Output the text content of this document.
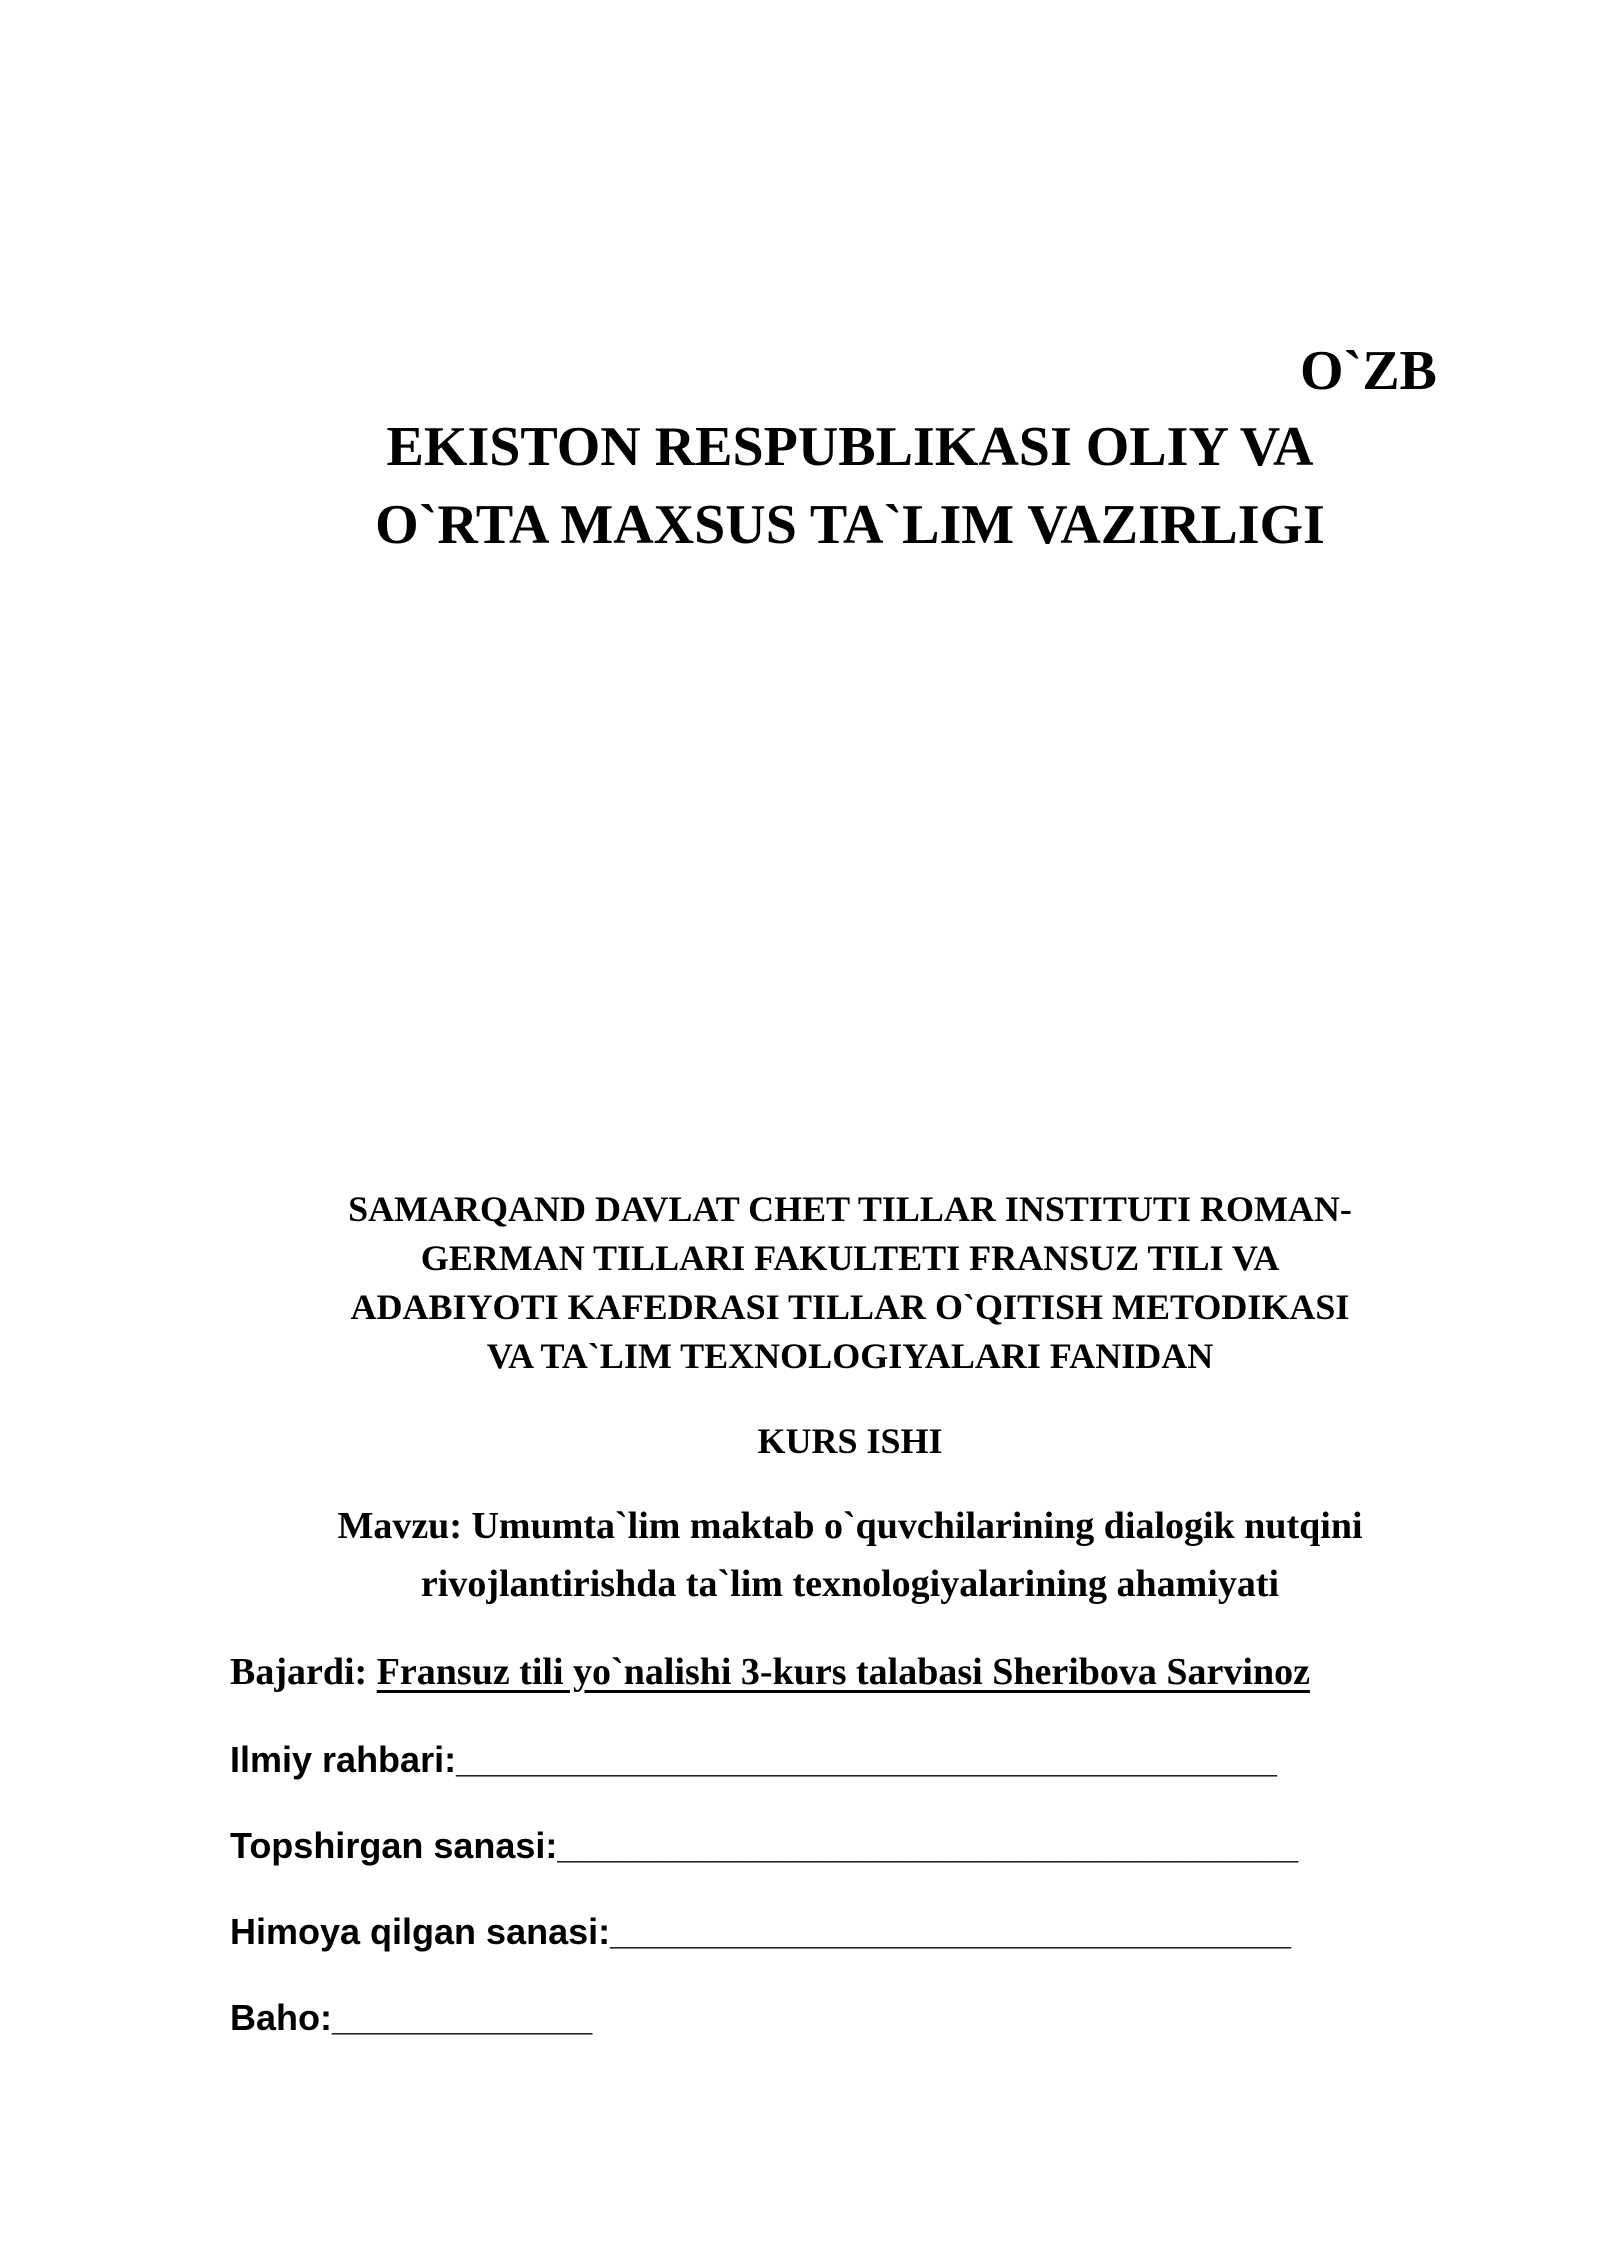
O`ZB
EKISTON RESPUBLIKASI OLIY VA
O`RTA MAXSUS TA`LIM VAZIRLIGI
SAMARQAND DAVLAT CHET TILLAR INSTITUTI ROMAN-
GERMAN TILLARI FAKULTETI FRANSUZ TILI VA
ADABIYOTI KAFEDRASI TILLAR O`QITISH METODIKASI
VA TA`LIM TEXNOLOGIYALARI FANIDAN
KURS ISHI
Mavzu: Umumta`lim maktab o`quvchilarining dialogik nutqini
rivojlantirishda ta`lim texnologiyalarining ahamiyati
Bajardi: Fransuz tili yo`nalishi 3-kurs talabasi Sheribova Sarvinoz
Ilmiy rahbari:_________________________________________
Topshirgan sanasi:_____________________________________
Himoya qilgan sanasi:__________________________________
Baho:_____________
